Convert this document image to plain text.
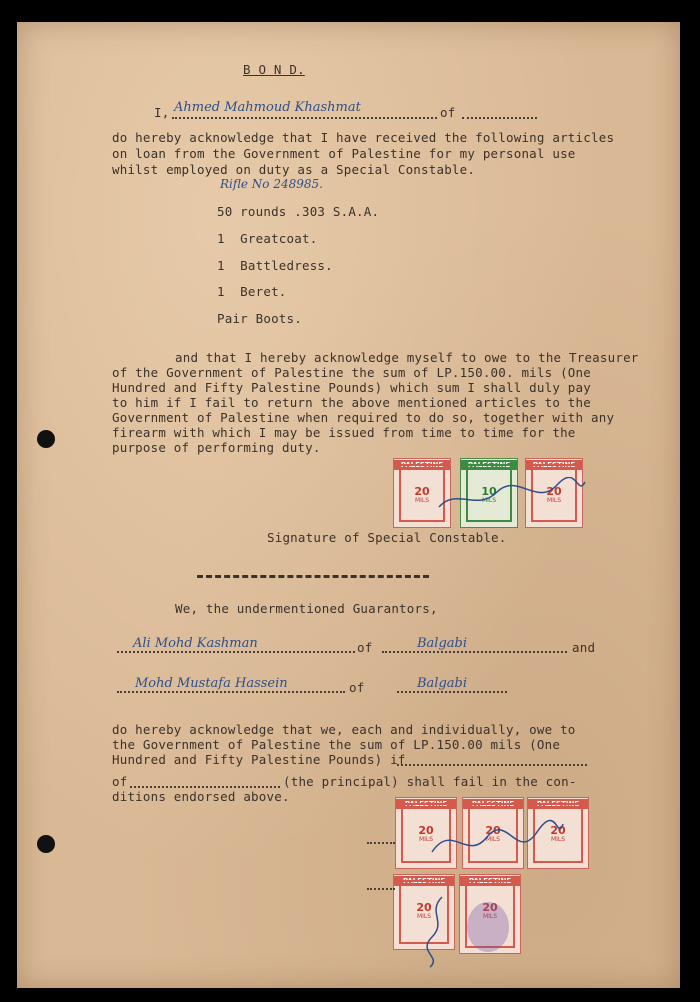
B O N D.
I, Ahmed Mahmoud Khashmat	of
do hereby acknowledge that I have received the following articles
on loan from the Government of Palestine for my personal use
whilst employed on duty as a Special Constable.
Rifle No 248985.
50 rounds .303 S.A.A.
1  Greatcoat.
1  Battledress.
1  Beret.
Pair Boots.
and that I hereby acknowledge myself to owe to the Treasurer
of the Government of Palestine the sum of LP.150.00. mils (One
Hundred and Fifty Palestine Pounds) which sum I shall duly pay
to him if I fail to return the above mentioned articles to the
Government of Palestine when required to do so, together with any
firearm with which I may be issued from time to time for the
purpose of performing duty.
PALESTINE
20
MILS
PALESTINE
10
MILS
PALESTINE
20
MILS
Signature of Special Constable.
We, the undermentioned Guarantors,
Ali Mohd Kashman	of	Balgabi	and
Mohd Mustafa Hassein	of	Balgabi
do hereby acknowledge that we, each and individually, owe to
the Government of Palestine the sum of LP.150.00 mils (One
Hundred and Fifty Palestine Pounds) if
of	(the principal) shall fail in the con-
ditions endorsed above.	PALESTINE
20
MILS
PALESTINE
20
MILS
PALESTINE
20
MILS
PALESTINE
20
MILS
PALESTINE
20
MILS
